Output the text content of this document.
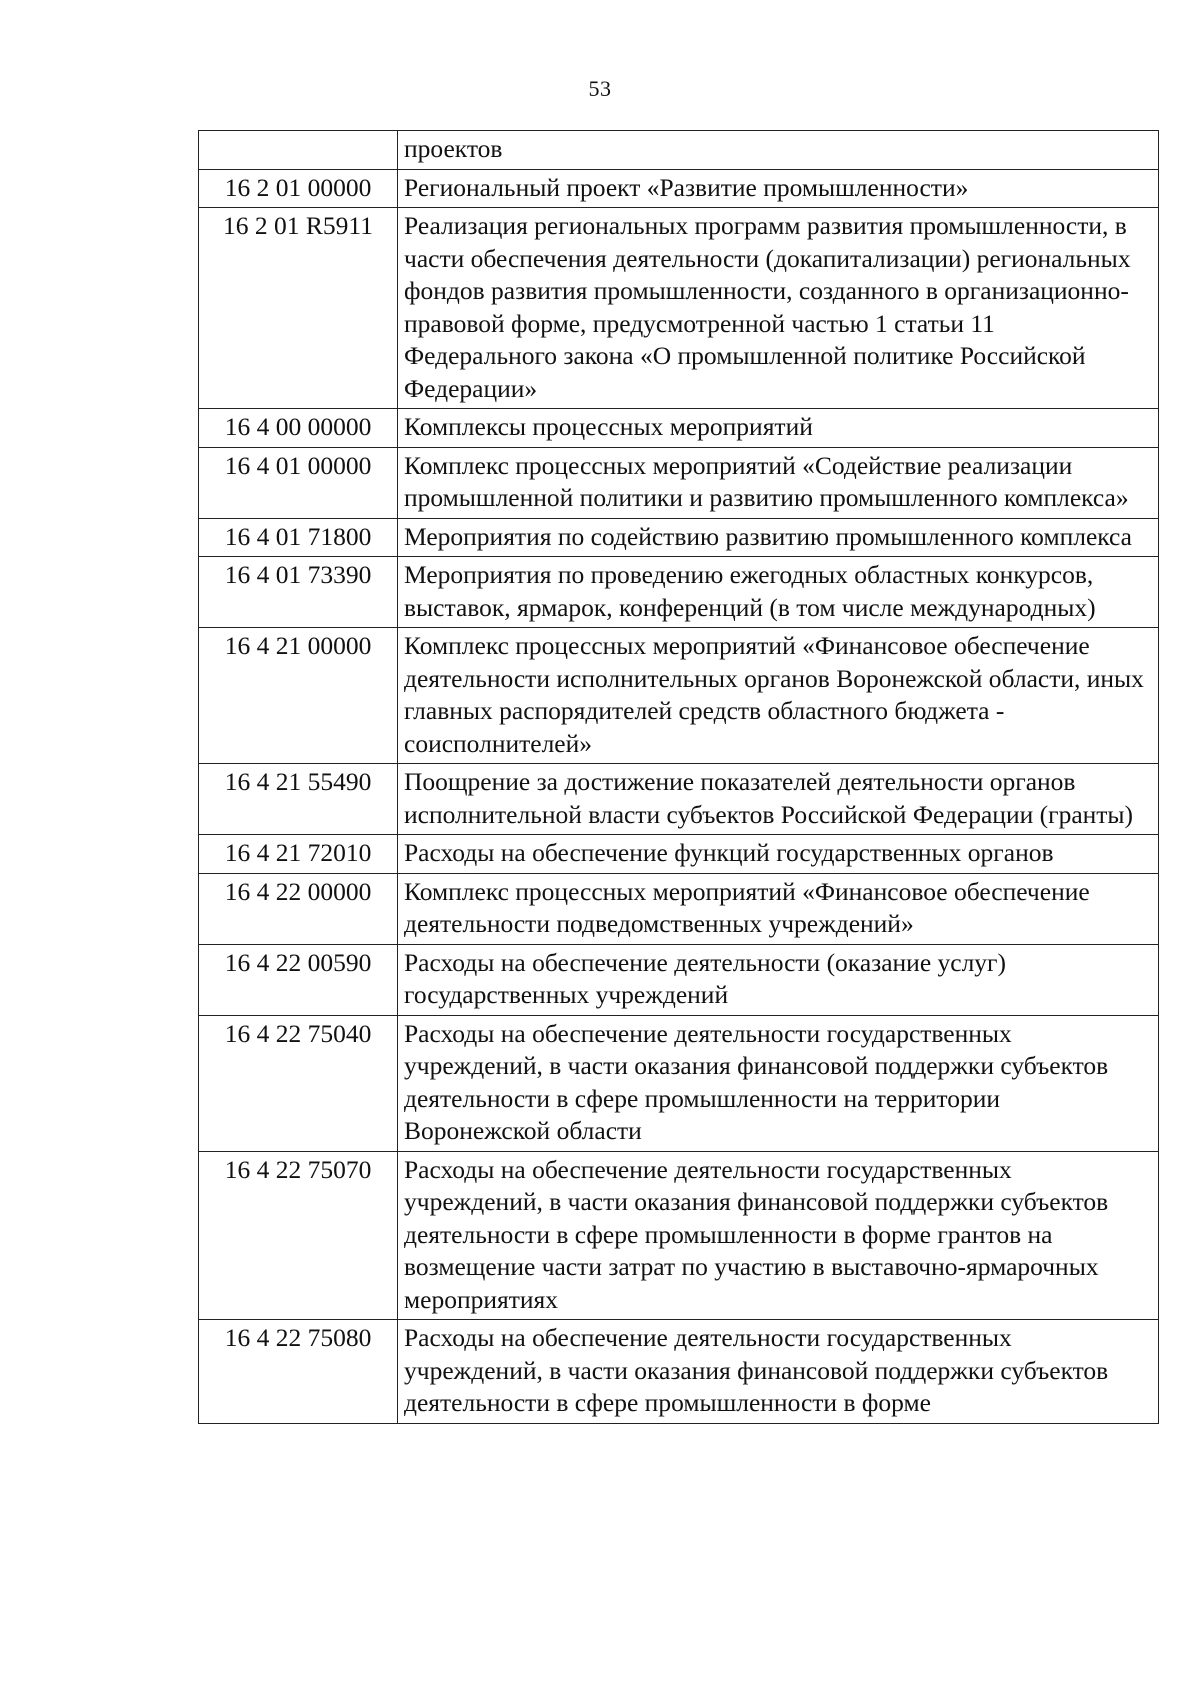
53
	проектов
16 2 01 00000	Региональный проект «Развитие промышленности»
16 2 01 R5911	Реализация региональных программ развития промышленности, в части обеспечения деятельности (докапитализации) региональных фондов развития промышленности, созданного в организационно-правовой форме, предусмотренной частью 1 статьи 11 Федерального закона «О промышленной политике Российской Федерации»
16 4 00 00000	Комплексы процессных мероприятий
16 4 01 00000	Комплекс процессных мероприятий «Содействие реализации промышленной политики и развитию промышленного комплекса»
16 4 01 71800	Мероприятия по содействию развитию промышленного комплекса
16 4 01 73390	Мероприятия по проведению ежегодных областных конкурсов, выставок, ярмарок, конференций (в том числе международных)
16 4 21 00000	Комплекс процессных мероприятий «Финансовое обеспечение деятельности исполнительных органов Воронежской области, иных главных распорядителей средств областного бюджета - соисполнителей»
16 4 21 55490	Поощрение за достижение показателей деятельности органов исполнительной власти субъектов Российской Федерации (гранты)
16 4 21 72010	Расходы на обеспечение функций государственных органов
16 4 22 00000	Комплекс процессных мероприятий «Финансовое обеспечение деятельности подведомственных учреждений»
16 4 22 00590	Расходы на обеспечение деятельности (оказание услуг) государственных учреждений
16 4 22 75040	Расходы на обеспечение деятельности государственных учреждений, в части оказания финансовой поддержки субъектов деятельности в сфере промышленности на территории Воронежской области
16 4 22 75070	Расходы на обеспечение деятельности государственных учреждений, в части оказания финансовой поддержки субъектов деятельности в сфере промышленности в форме грантов на возмещение части затрат по участию в выставочно-ярмарочных мероприятиях
16 4 22 75080	Расходы на обеспечение деятельности государственных учреждений, в части оказания финансовой поддержки субъектов деятельности в сфере промышленности в форме
